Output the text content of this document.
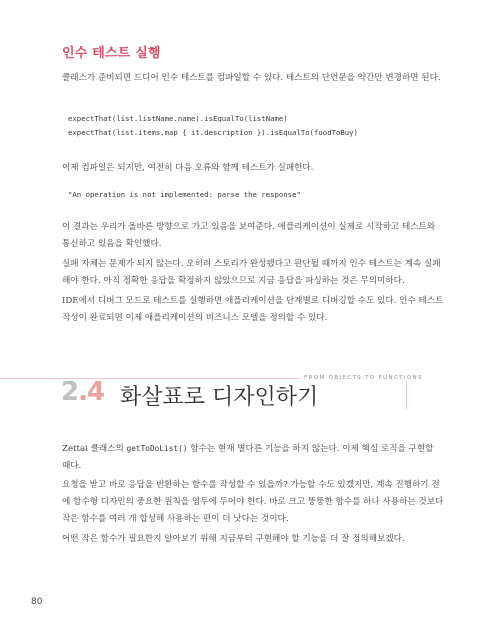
인수 테스트 실행

클래스가 준비되면 드디어 인수 테스트를 컴파일할 수 있다. 테스트의 단언문을 약간만 변경하면 된다.

expectThat(list.listName.name).isEqualTo(listName)
expectThat(list.items.map { it.description }).isEqualTo(foodToBuy)

이제 컴파일은 되지만, 여전히 다음 오류와 함께 테스트가 실패한다.

"An operation is not implemented: parse the response"

이 결과는 우리가 올바른 방향으로 가고 있음을 보여준다. 애플리케이션이 실제로 시작하고 테스트와 통신하고 있음을 확인했다.

실패 자체는 문제가 되지 않는다. 오히려 스토리가 완성됐다고 판단될 때까지 인수 테스트는 계속 실패해야 한다. 아직 정확한 응답을 확정하지 않았으므로 지금 응답을 파싱하는 것은 무의미하다.

IDE에서 디버그 모드로 테스트를 실행하면 애플리케이션을 단계별로 디버깅할 수도 있다. 인수 테스트 작성이 완료되면 이제 애플리케이션의 비즈니스 모델을 정의할 수 있다.

FROM OBJECTS TO FUNCTIONS
2.4 화살표로 디자인하기

Zettai 클래스의 getToDoList() 함수는 현재 별다른 기능을 하지 않는다. 이제 핵심 로직을 구현할 때다.

요청을 받고 바로 응답을 반환하는 함수를 작성할 수 있을까? 가능할 수도 있겠지만, 계속 진행하기 전에 함수형 디자인의 중요한 원칙을 염두에 두어야 한다. 바로 크고 뚱뚱한 함수를 하나 사용하는 것보다 작은 함수를 여러 개 합성해 사용하는 편이 더 낫다는 것이다.

어떤 작은 함수가 필요한지 알아보기 위해 지금부터 구현해야 할 기능을 더 잘 정의해보겠다.

80
